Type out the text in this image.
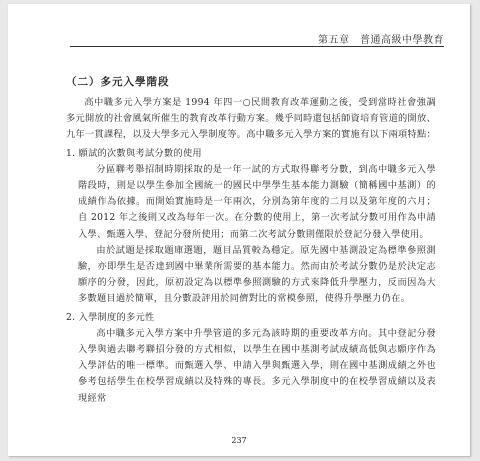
第五章　普通高級中學教育
（二）多元入學階段

高中職多元入學方案是 1994 年四一○民間教育改革運動之後，受到當時社會強調多元開放的社會風氣所催生的教育改革行動方案。幾乎同時還包括師資培育管道的開放、九年一貫課程，以及大學多元入學制度等。高中職多元入學方案的實施有以下兩項特點：

1. 願試的次數與考試分數的使用

分區聯考舉招制時期採取的是一年一試的方式取得聯考分數，到高中職多元入學階段時，則是以學生參加全國統一的國民中學學生基本能力測驗（簡稱國中基測）的成績作為依據。而開始實施時是一年兩次，分別為第年度的二月以及第年度的六月；自 2012 年之後則又改為每年一次。在分數的使用上，第一次考試分數可用作為申請入學、甄選入學、登記分發所使用；而第二次考試分數則僅限於登記分發入學使用。

由於試題是採取題庫選題，題目品質較為穩定。原先國中基測設定為標準參照測驗，亦即學生是否達到國中畢業所需要的基本能力。然而由於考試分數仍是於決定志願序的分發，因此，原初設定為以標準參照測驗的方式來降低升學壓力，反而因為大多數題目過於簡單，且分數設評用於同儕對比的常模參照，使得升學壓力仍在。

2. 入學制度的多元性

高中職多元入學方案中升學管道的多元為該時期的重要改革方向。其中登記分發入學與過去聯考聯招分發的方式相似，以學生在國中基測考試成績高低與志願序作為入學評估的唯一標準。而甄選入學、申請入學與甄選入學，則在國中基測成績之外也參考包括學生在校學習成績以及特殊的專長。多元入學制度中的在校學習成績以及表現經常

237
